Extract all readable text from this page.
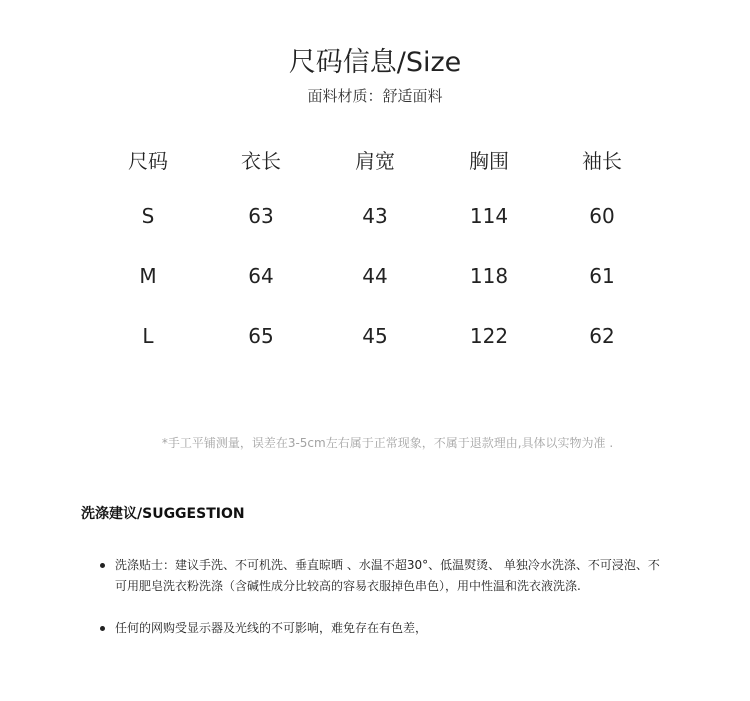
尺码信息/Size
面料材质：舒适面料
尺码	衣长	肩宽	胸围	袖长
S	63	43	114	60
M	64	44	118	61
L	65	45	122	62
*手工平铺测量，误差在3-5cm左右属于正常现象，不属于退款理由,具体以实物为准 .
洗涤建议/SUGGESTION
洗涤贴士：建议手洗、不可机洗、垂直晾晒 、水温不超30°、低温熨烫、 单独冷水洗涤、不可浸泡、不可用肥皂洗衣粉洗涤（含碱性成分比较高的容易衣服掉色串色），用中性温和洗衣液洗涤.
任何的网购受显示器及光线的不可影响，难免存在有色差，
